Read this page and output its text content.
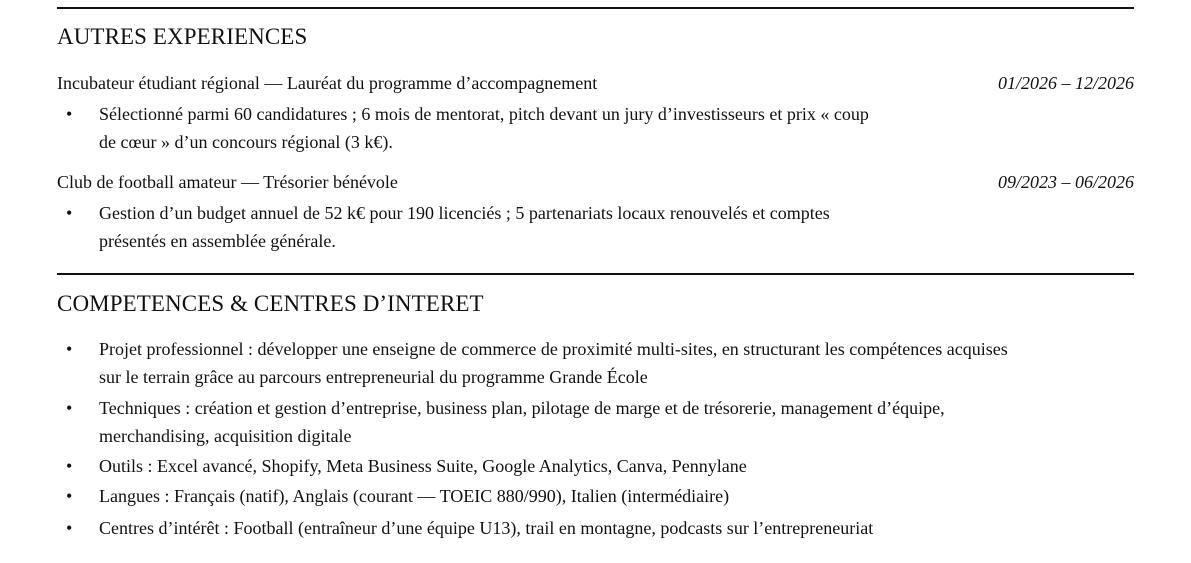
AUTRES EXPERIENCES
Incubateur étudiant régional — Lauréat du programme d’accompagnement	01/2026 – 12/2026
• Sélectionné parmi 60 candidatures ; 6 mois de mentorat, pitch devant un jury d’investisseurs et prix « coup
de cœur » d’un concours régional (3 k€).
Club de football amateur — Trésorier bénévole	09/2023 – 06/2026
• Gestion d’un budget annuel de 52 k€ pour 190 licenciés ; 5 partenariats locaux renouvelés et comptes
présentés en assemblée générale.
COMPETENCES & CENTRES D’INTERET
• Projet professionnel : développer une enseigne de commerce de proximité multi-sites, en structurant les compétences acquises
sur le terrain grâce au parcours entrepreneurial du programme Grande École
• Techniques : création et gestion d’entreprise, business plan, pilotage de marge et de trésorerie, management d’équipe,
merchandising, acquisition digitale
• Outils : Excel avancé, Shopify, Meta Business Suite, Google Analytics, Canva, Pennylane
• Langues : Français (natif), Anglais (courant — TOEIC 880/990), Italien (intermédiaire)
• Centres d’intérêt : Football (entraîneur d’une équipe U13), trail en montagne, podcasts sur l’entrepreneuriat
